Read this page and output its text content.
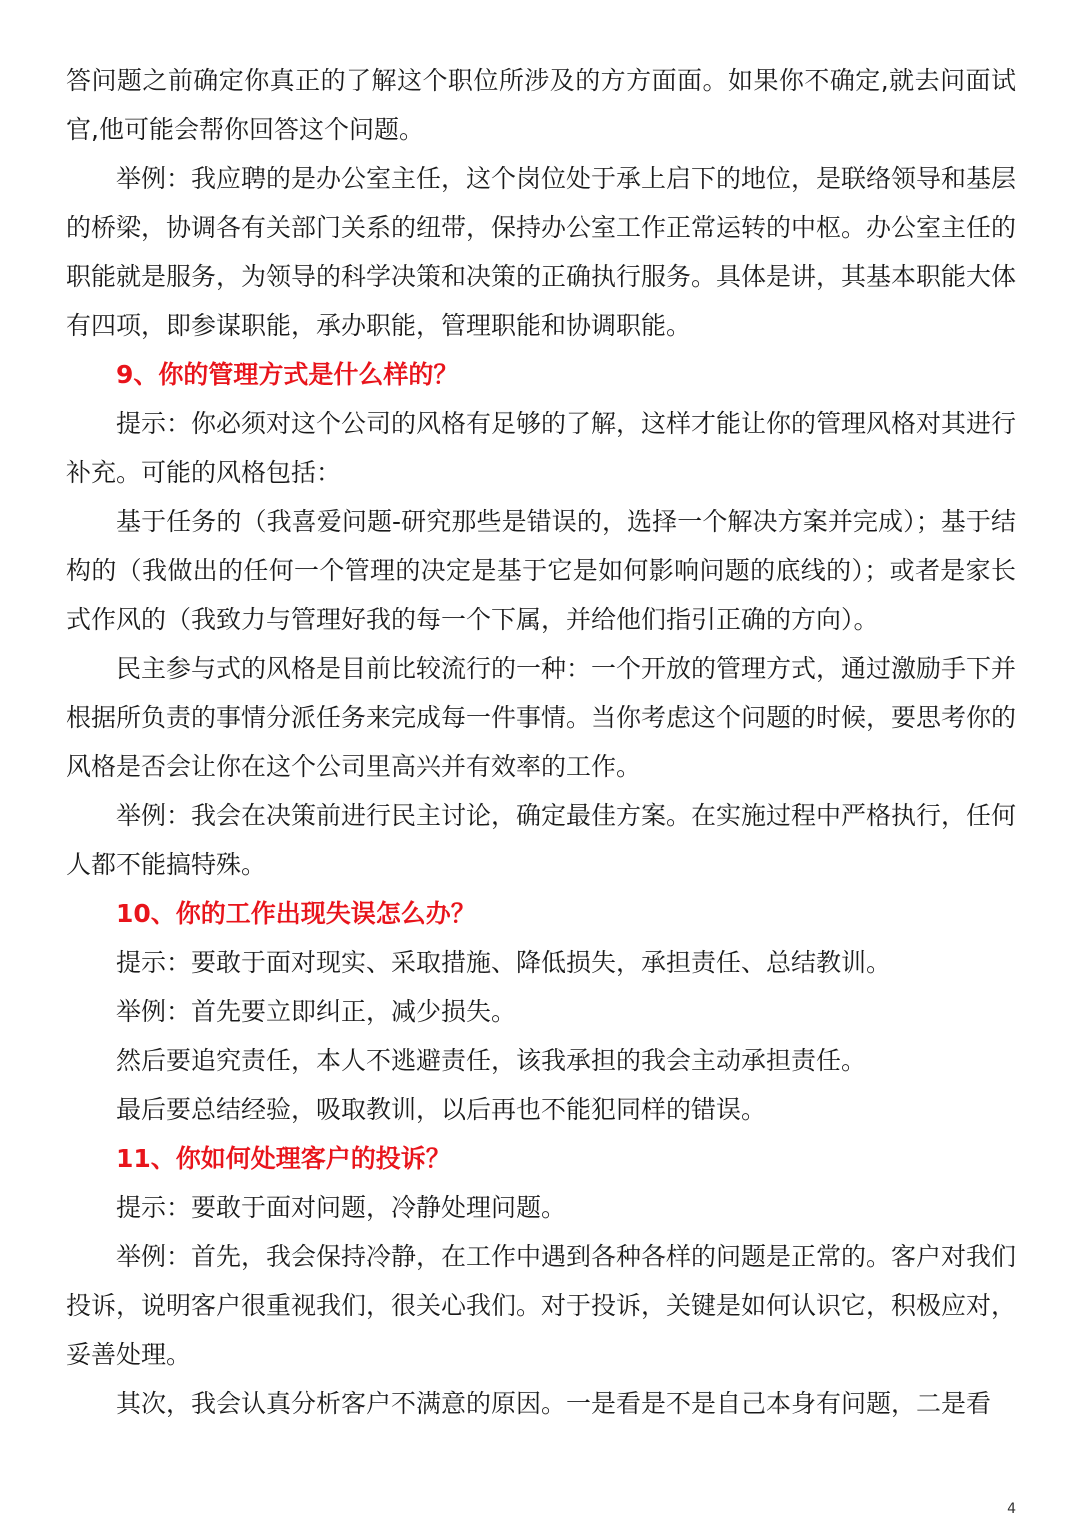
答问题之前确定你真正的了解这个职位所涉及的方方面面。如果你不确定,就去问面试官,他可能会帮你回答这个问题。

举例：我应聘的是办公室主任，这个岗位处于承上启下的地位，是联络领导和基层的桥梁，协调各有关部门关系的纽带，保持办公室工作正常运转的中枢。办公室主任的职能就是服务，为领导的科学决策和决策的正确执行服务。具体是讲，其基本职能大体有四项，即参谋职能，承办职能，管理职能和协调职能。

9、你的管理方式是什么样的？

提示：你必须对这个公司的风格有足够的了解，这样才能让你的管理风格对其进行补充。可能的风格包括：

基于任务的（我喜爱问题-研究那些是错误的，选择一个解决方案并完成）；基于结构的（我做出的任何一个管理的决定是基于它是如何影响问题的底线的）；或者是家长式作风的（我致力与管理好我的每一个下属，并给他们指引正确的方向）。

民主参与式的风格是目前比较流行的一种：一个开放的管理方式，通过激励手下并根据所负责的事情分派任务来完成每一件事情。当你考虑这个问题的时候，要思考你的风格是否会让你在这个公司里高兴并有效率的工作。

举例：我会在决策前进行民主讨论，确定最佳方案。在实施过程中严格执行，任何人都不能搞特殊。

10、你的工作出现失误怎么办？

提示：要敢于面对现实、采取措施、降低损失，承担责任、总结教训。

举例：首先要立即纠正，减少损失。

然后要追究责任，本人不逃避责任，该我承担的我会主动承担责任。

最后要总结经验，吸取教训，以后再也不能犯同样的错误。

11、你如何处理客户的投诉？

提示：要敢于面对问题，冷静处理问题。

举例：首先，我会保持冷静，在工作中遇到各种各样的问题是正常的。客户对我们投诉，说明客户很重视我们，很关心我们。对于投诉，关键是如何认识它，积极应对，妥善处理。

其次，我会认真分析客户不满意的原因。一是看是不是自己本身有问题，二是看

4
